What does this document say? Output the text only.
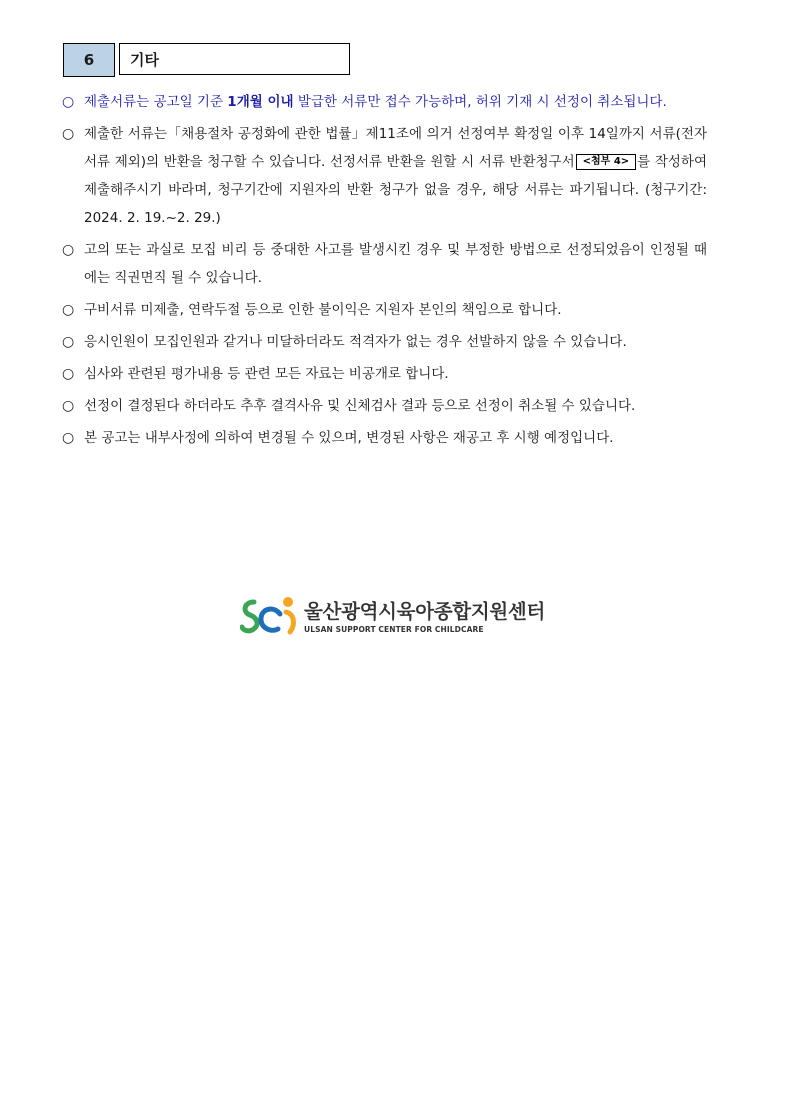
6	기타
○ 제출서류는 공고일 기준 1개월 이내 발급한 서류만 접수 가능하며, 허위 기재 시 선정이 취소됩니다.
○ 제출한 서류는「채용절차 공정화에 관한 법률」제11조에 의거 선정여부 확정일 이후 14일까지 서류(전자서류 제외)의 반환을 청구할 수 있습니다. 선정서류 반환을 원할 시 서류 반환청구서 <첨부 4> 를 작성하여 제출해주시기 바라며, 청구기간에 지원자의 반환 청구가 없을 경우, 해당 서류는 파기됩니다. (청구기간: 2024. 2. 19.~2. 29.)
○ 고의 또는 과실로 모집 비리 등 중대한 사고를 발생시킨 경우 및 부정한 방법으로 선정되었음이 인정될 때에는 직권면직 될 수 있습니다.
○ 구비서류 미제출, 연락두절 등으로 인한 불이익은 지원자 본인의 책임으로 합니다.
○ 응시인원이 모집인원과 같거나 미달하더라도 적격자가 없는 경우 선발하지 않을 수 있습니다.
○ 심사와 관련된 평가내용 등 관련 모든 자료는 비공개로 합니다.
○ 선정이 결정된다 하더라도 추후 결격사유 및 신체검사 결과 등으로 선정이 취소될 수 있습니다.
○ 본 공고는 내부사정에 의하여 변경될 수 있으며, 변경된 사항은 재공고 후 시행 예정입니다.
울산광역시육아종합지원센터
ULSAN SUPPORT CENTER FOR CHILDCARE
